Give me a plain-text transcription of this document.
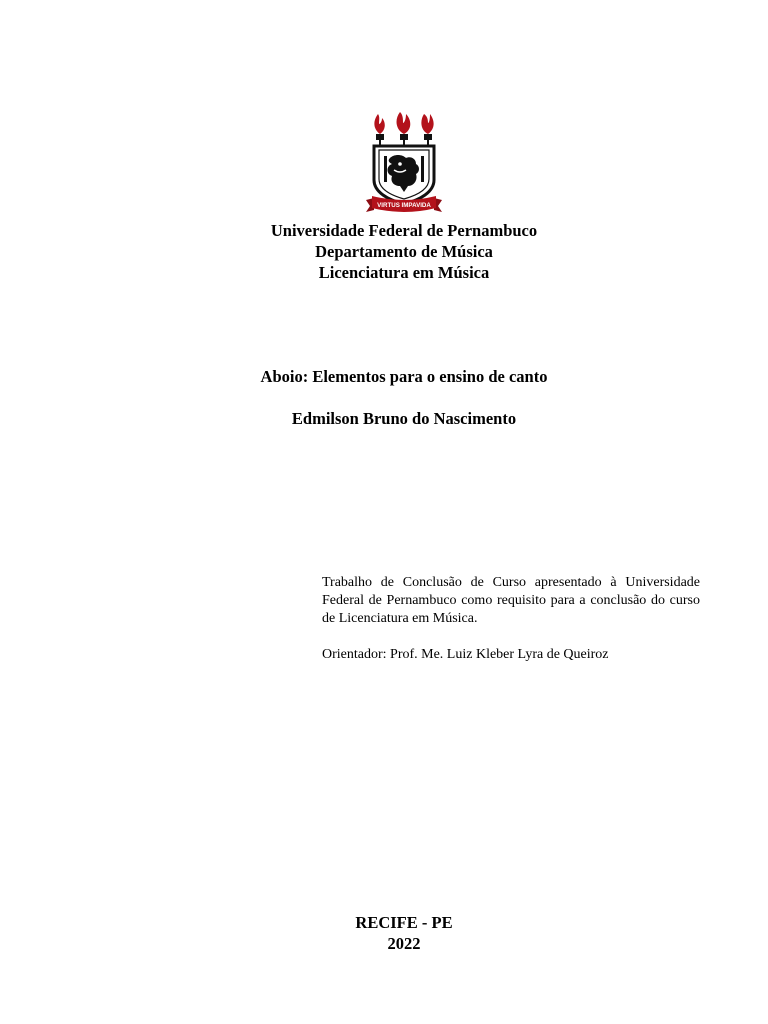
VIRTUS IMPAVIDA
Universidade Federal de Pernambuco
Departamento de Música
Licenciatura em Música
Aboio: Elementos para o ensino de canto
Edmilson Bruno do Nascimento
Trabalho de Conclusão de Curso apresentado à Universidade Federal de Pernambuco como requisito para a conclusão do curso de Licenciatura em Música.
Orientador: Prof. Me. Luiz Kleber Lyra de Queiroz
RECIFE - PE
2022
